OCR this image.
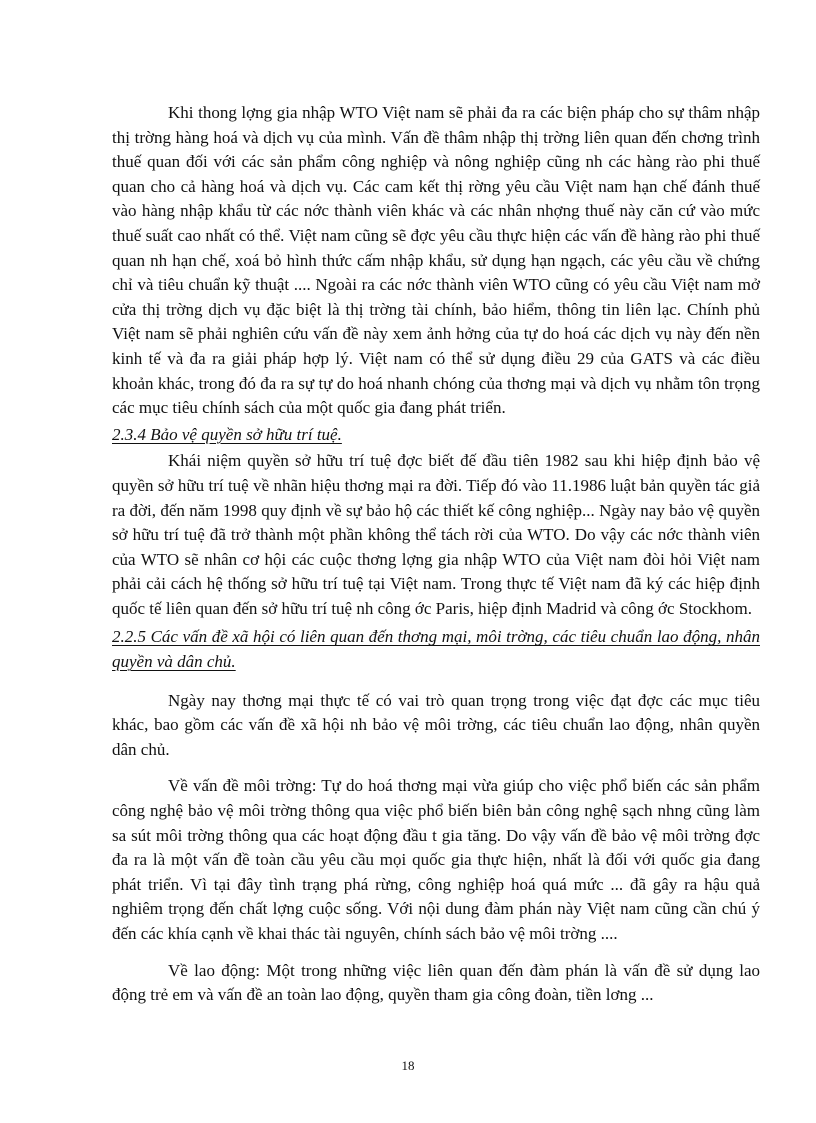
Khi thong lợng gia nhập WTO Việt nam sẽ phải đa ra các biện pháp cho sự thâm nhập thị trờng hàng hoá và dịch vụ của mình. Vấn đề thâm nhập thị trờng liên quan đến chơng trình thuế quan đối với các sản phẩm công nghiệp và nông nghiệp cũng nh các hàng rào phi thuế quan cho cả hàng hoá và dịch vụ. Các cam kết thị rờng yêu cầu Việt nam hạn chế đánh thuế vào hàng nhập khẩu từ các nớc thành viên khác và các nhân nhợng thuế này căn cứ vào mức thuế suất cao nhất có thể. Việt nam cũng sẽ đợc yêu cầu thực hiện các vấn đề hàng rào phi thuế quan nh hạn chế, xoá bỏ hình thức cấm nhập khẩu, sử dụng hạn ngạch, các yêu cầu về chứng chỉ và tiêu chuẩn kỹ thuật .... Ngoài ra các nớc thành viên WTO cũng có yêu cầu Việt nam mở cửa thị trờng dịch vụ đặc biệt là thị trờng tài chính, bảo hiểm, thông tin liên lạc. Chính phủ Việt nam sẽ phải nghiên cứu vấn đề này xem ảnh hởng của tự do hoá các dịch vụ này đến nền kinh tế và đa ra giải pháp hợp lý. Việt nam có thể sử dụng điều 29 của GATS và các điều khoản khác, trong đó đa ra sự tự do hoá nhanh chóng của thơng mại và dịch vụ nhằm tôn trọng các mục tiêu chính sách của một quốc gia đang phát triển.

2.3.4 Bảo vệ quyền sở hữu trí tuệ.

Khái niệm quyền sở hữu trí tuệ đợc biết đế đầu tiên 1982 sau khi hiệp định bảo vệ quyền sở hữu trí tuệ về nhãn hiệu thơng mại ra đời. Tiếp đó vào 11.1986 luật bản quyền tác giả ra đời, đến năm 1998 quy định về sự bảo hộ các thiết kế công nghiệp... Ngày nay bảo vệ quyền sở hữu trí tuệ đã trở thành một phần không thể tách rời của WTO. Do vậy các nớc thành viên của WTO sẽ nhân cơ hội các cuộc thơng lợng gia nhập WTO của Việt nam đòi hỏi Việt nam phải cải cách hệ thống sở hữu trí tuệ tại Việt nam. Trong thực tế Việt nam đã ký các hiệp định quốc tế liên quan đến sở hữu trí tuệ nh công ớc Paris, hiệp định Madrid và công ớc Stockhom.

2.2.5 Các vấn đề xã hội có liên quan đến thơng mại, môi trờng, các tiêu chuẩn lao động, nhân quyền và dân chủ.

Ngày nay thơng mại thực tế có vai trò quan trọng trong việc đạt đợc các mục tiêu khác, bao gồm các vấn đề xã hội nh bảo vệ môi trờng, các tiêu chuẩn lao động, nhân quyền dân chủ.

Về vấn đề môi trờng: Tự do hoá thơng mại vừa giúp cho việc phổ biến các sản phẩm công nghệ bảo vệ môi trờng thông qua việc phổ biến biên bản công nghệ sạch nhng cũng làm sa sút môi trờng thông qua các hoạt động đầu t gia tăng. Do vậy vấn đề bảo vệ môi trờng đợc đa ra là một vấn đề toàn cầu yêu cầu mọi quốc gia thực hiện, nhất là đối với quốc gia đang phát triển. Vì tại đây tình trạng phá rừng, công nghiệp hoá quá mức ... đã gây ra hậu quả nghiêm trọng đến chất lợng cuộc sống. Với nội dung đàm phán này Việt nam cũng cần chú ý đến các khía cạnh về khai thác tài nguyên, chính sách bảo vệ môi trờng ....

Về lao động: Một trong những việc liên quan đến đàm phán là vấn đề sử dụng lao động trẻ em và vấn đề an toàn lao động, quyền tham gia công đoàn, tiền lơng ...

18
